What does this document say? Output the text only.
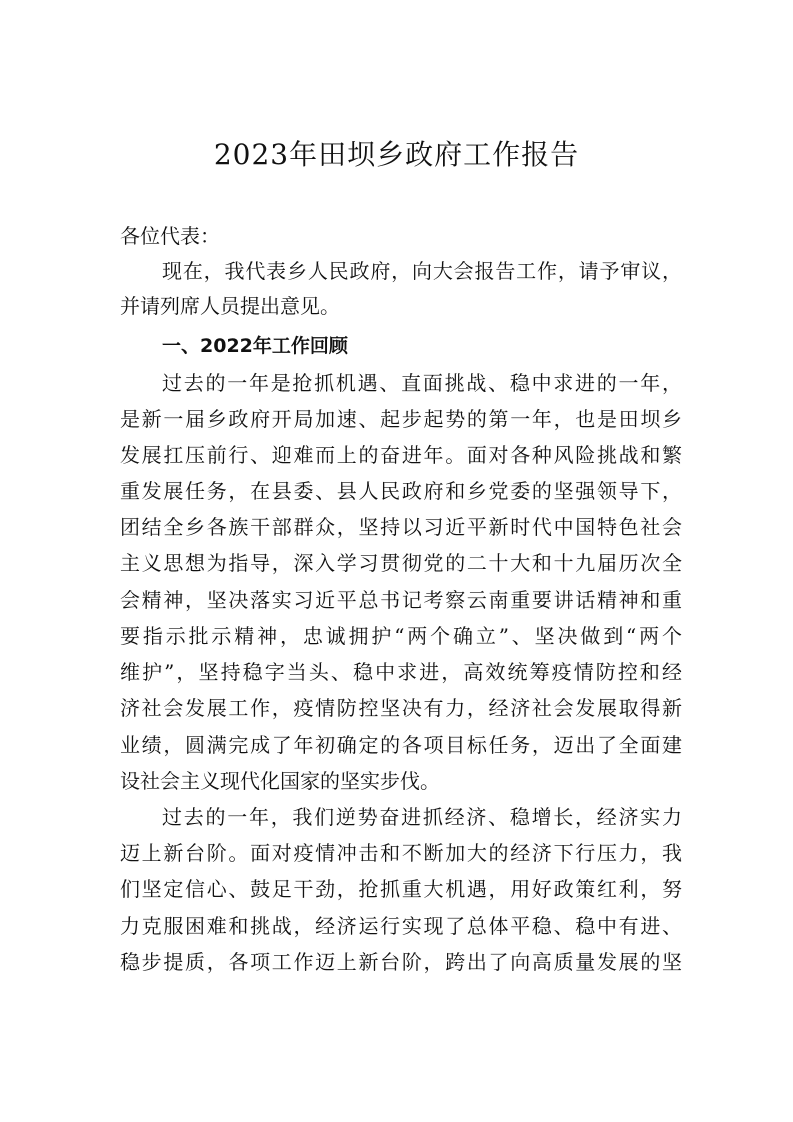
2023年田坝乡政府工作报告
各位代表：
现在，我代表乡人民政府，向大会报告工作，请予审议，
并请列席人员提出意见。
一、2022年工作回顾
过去的一年是抢抓机遇、直面挑战、稳中求进的一年，
是新一届乡政府开局加速、起步起势的第一年，也是田坝乡
发展扛压前行、迎难而上的奋进年。面对各种风险挑战和繁
重发展任务，在县委、县人民政府和乡党委的坚强领导下，
团结全乡各族干部群众，坚持以习近平新时代中国特色社会
主义思想为指导，深入学习贯彻党的二十大和十九届历次全
会精神，坚决落实习近平总书记考察云南重要讲话精神和重
要指示批示精神，忠诚拥护“两个确立”、坚决做到“两个
维护”，坚持稳字当头、稳中求进，高效统筹疫情防控和经
济社会发展工作，疫情防控坚决有力，经济社会发展取得新
业绩，圆满完成了年初确定的各项目标任务，迈出了全面建
设社会主义现代化国家的坚实步伐。
过去的一年，我们逆势奋进抓经济、稳增长，经济实力
迈上新台阶。面对疫情冲击和不断加大的经济下行压力，我
们坚定信心、鼓足干劲，抢抓重大机遇，用好政策红利，努
力克服困难和挑战，经济运行实现了总体平稳、稳中有进、
稳步提质，各项工作迈上新台阶，跨出了向高质量发展的坚
